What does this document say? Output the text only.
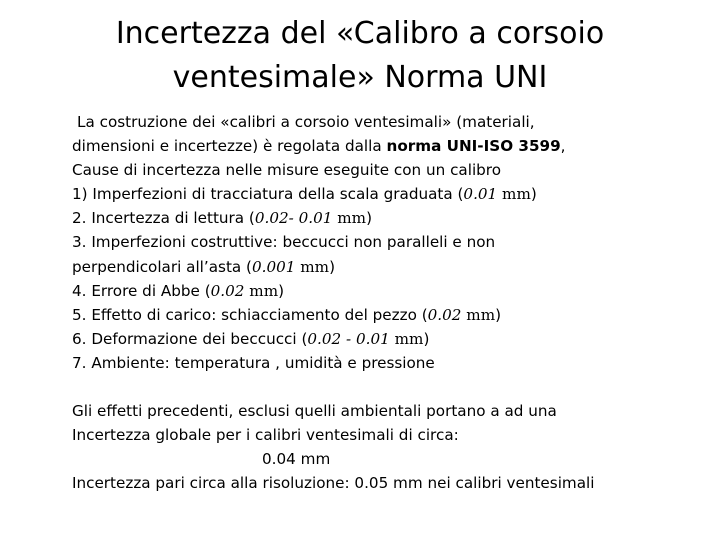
Incertezza del «Calibro a corsoio
ventesimale» Norma UNI
La costruzione dei «calibri a corsoio ventesimali» (materiali,
dimensioni e incertezze) è regolata dalla norma UNI-ISO 3599,
Cause di incertezza nelle misure eseguite con un calibro
1) Imperfezioni di tracciatura della scala graduata (0.01 mm)
2. Incertezza di lettura (0.02- 0.01 mm)
3. Imperfezioni costruttive: beccucci non paralleli e non
perpendicolari all’asta (0.001 mm)
4. Errore di Abbe (0.02 mm)
5. Effetto di carico: schiacciamento del pezzo (0.02 mm)
6. Deformazione dei beccucci (0.02 - 0.01 mm)
7. Ambiente: temperatura , umidità e pressione
Gli effetti precedenti, esclusi quelli ambientali portano a ad una
Incertezza globale per i calibri ventesimali di circa:
0.04 mm
Incertezza pari circa alla risoluzione: 0.05 mm nei calibri ventesimali
